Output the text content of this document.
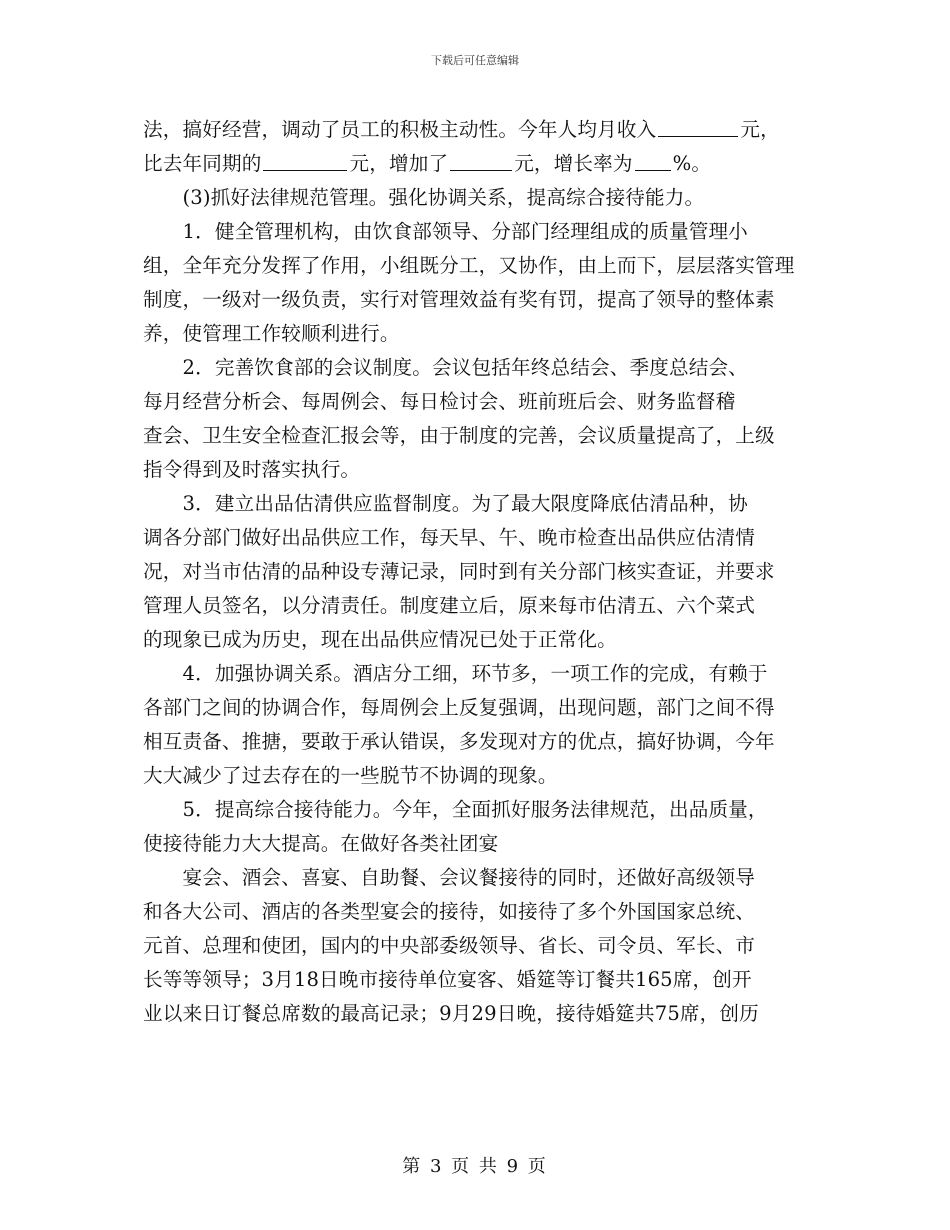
下载后可任意编辑
法，搞好经营，调动了员工的积极主动性。今年人均月收入	元，
比去年同期的	元，增加了	元，增长率为 %。
　　(3)抓好法律规范管理。强化协调关系，提高综合接待能力。
　　1．健全管理机构，由饮食部领导、分部门经理组成的质量管理小
组，全年充分发挥了作用，小组既分工，又协作，由上而下，层层落实管理
制度，一级对一级负责，实行对管理效益有奖有罚，提高了领导的整体素
养，使管理工作较顺利进行。
　　2．完善饮食部的会议制度。会议包括年终总结会、季度总结会、
每月经营分析会、每周例会、每日检讨会、班前班后会、财务监督稽
查会、卫生安全检查汇报会等，由于制度的完善，会议质量提高了，上级
指令得到及时落实执行。
　　3．建立出品估清供应监督制度。为了最大限度降底估清品种，协
调各分部门做好出品供应工作，每天早、午、晚市检查出品供应估清情
况，对当市估清的品种设专薄记录，同时到有关分部门核实查证，并要求
管理人员签名，以分清责任。制度建立后，原来每市估清五、六个菜式
的现象已成为历史，现在出品供应情况已处于正常化。
　　4．加强协调关系。酒店分工细，环节多，一项工作的完成，有赖于
各部门之间的协调合作，每周例会上反复强调，出现问题，部门之间不得
相互责备、推搪，要敢于承认错误，多发现对方的优点，搞好协调，今年
大大减少了过去存在的一些脱节不协调的现象。
　　5．提高综合接待能力。今年，全面抓好服务法律规范，出品质量，
使接待能力大大提高。在做好各类社团宴
　　宴会、酒会、喜宴、自助餐、会议餐接待的同时，还做好高级领导
和各大公司、酒店的各类型宴会的接待，如接待了多个外国国家总统、
元首、总理和使团，国内的中央部委级领导、省长、司令员、军长、市
长等等领导；3月18日晚市接待单位宴客、婚筵等订餐共165席，创开
业以来日订餐总席数的最高记录；9月29日晚，接待婚筵共75席，创历
第 3 页 共 9 页
